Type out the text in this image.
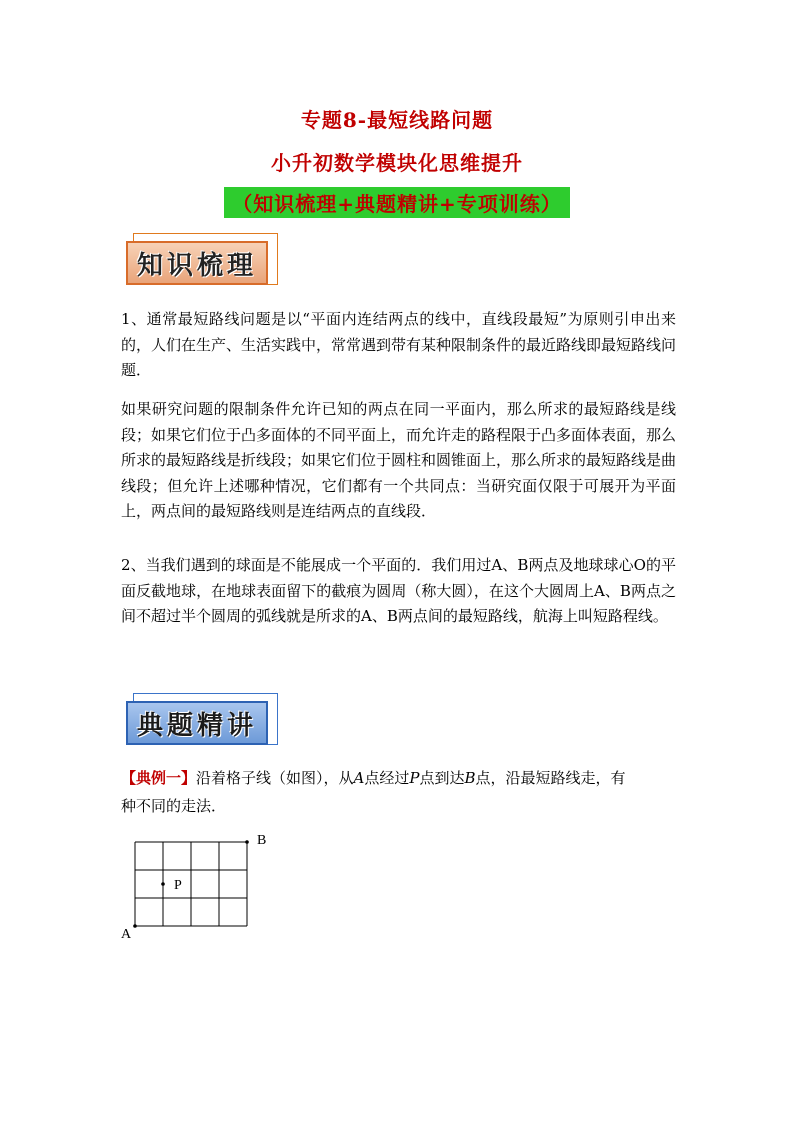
专题8-最短线路问题
小升初数学模块化思维提升
（知识梳理+典题精讲+专项训练）
知识梳理
1、通常最短路线问题是以“平面内连结两点的线中，直线段最短”为原则引申出来的，人们在生产、生活实践中，常常遇到带有某种限制条件的最近路线即最短路线问题．
如果研究问题的限制条件允许已知的两点在同一平面内，那么所求的最短路线是线段；如果它们位于凸多面体的不同平面上，而允许走的路程限于凸多面体表面，那么所求的最短路线是折线段；如果它们位于圆柱和圆锥面上，那么所求的最短路线是曲线段；但允许上述哪种情况，它们都有一个共同点：当研究面仅限于可展开为平面上，两点间的最短路线则是连结两点的直线段．
2、当我们遇到的球面是不能展成一个平面的．我们用过A、B两点及地球球心O的平面反截地球，在地球表面留下的截痕为圆周（称大圆），在这个大圆周上A、B两点之间不超过半个圆周的弧线就是所求的A、B两点间的最短路线，航海上叫短路程线。
典题精讲
【典例一】沿着格子线（如图），从A点经过P点到达B点，沿最短路线走，有
种不同的走法．
A
B
P
